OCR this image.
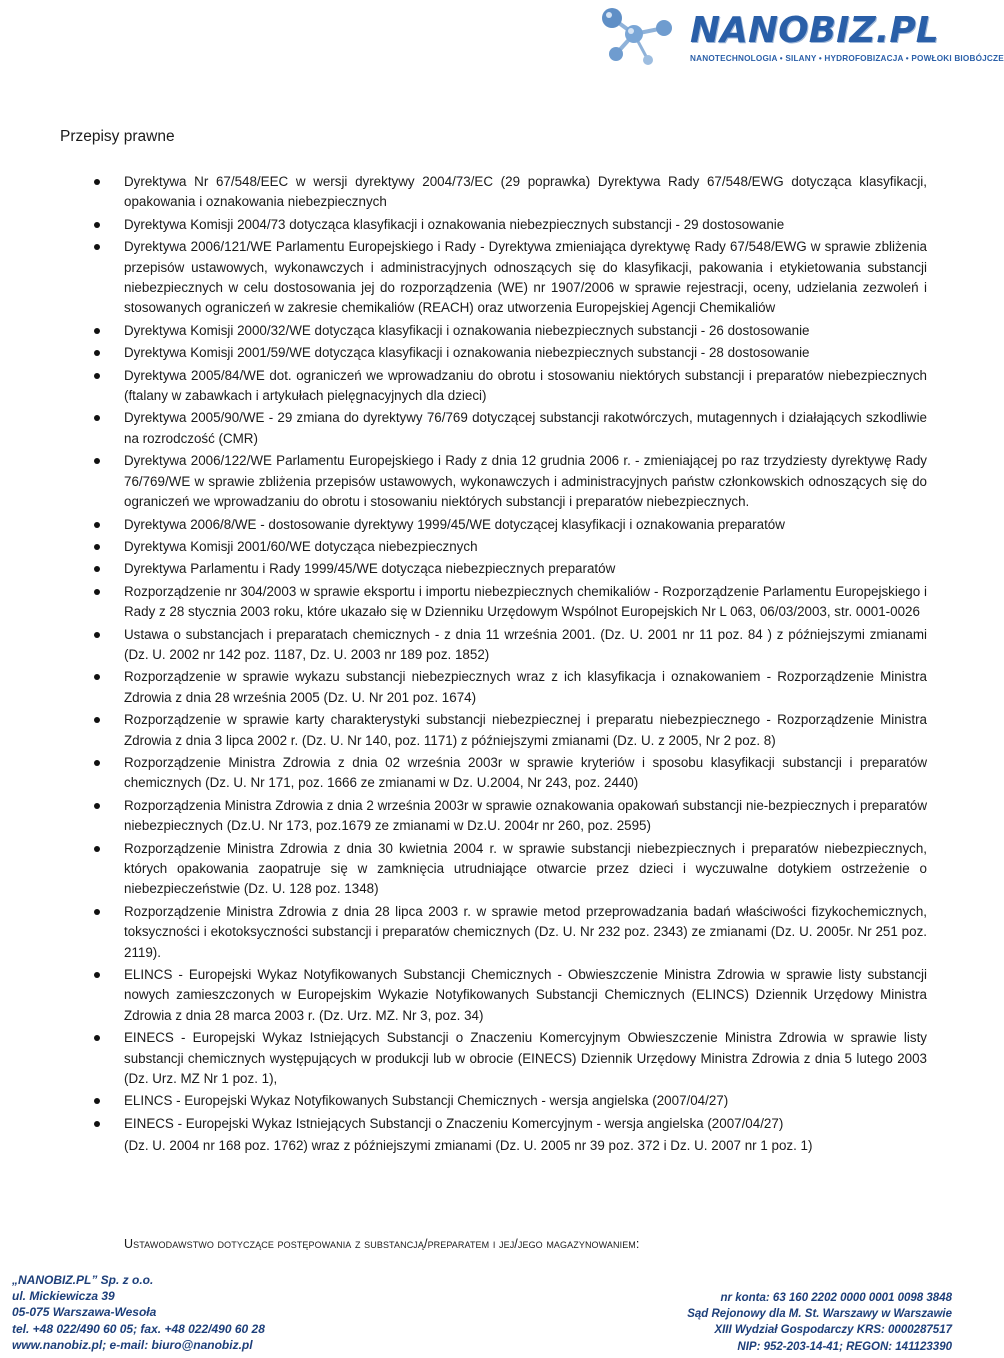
NANOBIZ.PL
NANOTECHNOLOGIA • SILANY • HYDROFOBIZACJA • POWŁOKI BIOBÓJCZE
Przepisy prawne
Dyrektywa Nr 67/548/EEC w wersji dyrektywy 2004/73/EC (29 poprawka) Dyrektywa Rady 67/548/EWG dotycząca klasyfikacji, opakowania i oznakowania niebezpiecznych
Dyrektywa Komisji 2004/73 dotycząca klasyfikacji i oznakowania niebezpiecznych substancji - 29 dostosowanie
Dyrektywa 2006/121/WE Parlamentu Europejskiego i Rady - Dyrektywa zmieniająca dyrektywę Rady 67/548/EWG w sprawie zbliżenia przepisów ustawowych, wykonawczych i administracyjnych odnoszących się do klasyfikacji, pakowania i etykietowania substancji niebezpiecznych w celu dostosowania jej do rozporządzenia (WE) nr 1907/2006 w sprawie rejestracji, oceny, udzielania zezwoleń i stosowanych ograniczeń w zakresie chemikaliów (REACH) oraz utworzenia Europejskiej Agencji Chemikaliów
Dyrektywa Komisji 2000/32/WE dotycząca klasyfikacji i oznakowania niebezpiecznych substancji - 26 dostosowanie
Dyrektywa Komisji 2001/59/WE dotycząca klasyfikacji i oznakowania niebezpiecznych substancji - 28 dostosowanie
Dyrektywa 2005/84/WE dot. ograniczeń we wprowadzaniu do obrotu i stosowaniu niektórych substancji i preparatów niebezpiecznych (ftalany w zabawkach i artykułach pielęgnacyjnych dla dzieci)
Dyrektywa 2005/90/WE - 29 zmiana do dyrektywy 76/769 dotyczącej substancji rakotwórczych, mutagennych i działających szkodliwie na rozrodczość (CMR)
Dyrektywa 2006/122/WE Parlamentu Europejskiego i Rady z dnia 12 grudnia 2006 r. - zmieniającej po raz trzydziesty dyrektywę Rady 76/769/WE w sprawie zbliżenia przepisów ustawowych, wykonawczych i administracyjnych państw członkowskich odnoszących się do ograniczeń we wprowadzaniu do obrotu i stosowaniu niektórych substancji i preparatów niebezpiecznych.
Dyrektywa 2006/8/WE - dostosowanie dyrektywy 1999/45/WE dotyczącej klasyfikacji i oznakowania preparatów
Dyrektywa Komisji 2001/60/WE dotycząca niebezpiecznych
Dyrektywa Parlamentu i Rady 1999/45/WE dotycząca niebezpiecznych preparatów
Rozporządzenie nr 304/2003 w sprawie eksportu i importu niebezpiecznych chemikaliów - Rozporządzenie Parlamentu Europejskiego i Rady z 28 stycznia 2003 roku, które ukazało się w Dzienniku Urzędowym Wspólnot Europejskich Nr L 063, 06/03/2003, str. 0001-0026
Ustawa o substancjach i preparatach chemicznych - z dnia 11 września 2001. (Dz. U. 2001 nr 11 poz. 84 ) z późniejszymi zmianami (Dz. U. 2002 nr 142 poz. 1187, Dz. U. 2003 nr 189 poz. 1852)
Rozporządzenie w sprawie wykazu substancji niebezpiecznych wraz z ich klasyfikacja i oznakowaniem - Rozporządzenie Ministra Zdrowia z dnia 28 września 2005 (Dz. U. Nr 201 poz. 1674)
Rozporządzenie w sprawie karty charakterystyki substancji niebezpiecznej i preparatu niebezpiecznego - Rozporządzenie Ministra Zdrowia z dnia 3 lipca 2002 r. (Dz. U. Nr 140, poz. 1171) z późniejszymi zmianami (Dz. U. z 2005, Nr 2 poz. 8)
Rozporządzenie Ministra Zdrowia z dnia 02 września 2003r w sprawie kryteriów i sposobu klasyfikacji substancji i preparatów chemicznych (Dz. U. Nr 171, poz. 1666 ze zmianami w Dz. U.2004, Nr 243, poz. 2440)
Rozporządzenia Ministra Zdrowia z dnia 2 września 2003r w sprawie oznakowania opakowań substancji nie-bezpiecznych i preparatów niebezpiecznych (Dz.U. Nr 173, poz.1679 ze zmianami w Dz.U. 2004r nr 260, poz. 2595)
Rozporządzenie Ministra Zdrowia z dnia 30 kwietnia 2004 r. w sprawie substancji niebezpiecznych i preparatów niebezpiecznych, których opakowania zaopatruje się w zamknięcia utrudniające otwarcie przez dzieci i wyczuwalne dotykiem ostrzeżenie o niebezpieczeństwie (Dz. U. 128 poz. 1348)
Rozporządzenie Ministra Zdrowia z dnia 28 lipca 2003 r. w sprawie metod przeprowadzania badań właściwości fizykochemicznych, toksyczności i ekotoksyczności substancji i preparatów chemicznych (Dz. U. Nr 232 poz. 2343) ze zmianami (Dz. U. 2005r. Nr 251 poz. 2119).
ELINCS - Europejski Wykaz Notyfikowanych Substancji Chemicznych - Obwieszczenie Ministra Zdrowia w sprawie listy substancji nowych zamieszczonych w Europejskim Wykazie Notyfikowanych Substancji Chemicznych (ELINCS) Dziennik Urzędowy Ministra Zdrowia z dnia 28 marca 2003 r. (Dz. Urz. MZ. Nr 3, poz. 34)
EINECS - Europejski Wykaz Istniejących Substancji o Znaczeniu Komercyjnym Obwieszczenie Ministra Zdrowia w sprawie listy substancji chemicznych występujących w produkcji lub w obrocie (EINECS) Dziennik Urzędowy Ministra Zdrowia z dnia 5 lutego 2003 (Dz. Urz. MZ Nr 1 poz. 1),
ELINCS - Europejski Wykaz Notyfikowanych Substancji Chemicznych - wersja angielska (2007/04/27)
EINECS - Europejski Wykaz Istniejących Substancji o Znaczeniu Komercyjnym - wersja angielska (2007/04/27)
(Dz. U. 2004 nr 168 poz. 1762) wraz z późniejszymi zmianami (Dz. U. 2005 nr 39 poz. 372 i Dz. U. 2007 nr 1 poz. 1)
Ustawodawstwo dotyczące postępowania z substancją/preparatem i jej/jego magazynowaniem:
„NANOBIZ.PL” Sp. z o.o.
ul. Mickiewicza 39
05-075 Warszawa-Wesoła
tel. +48 022/490 60 05; fax. +48 022/490 60 28
www.nanobiz.pl; e-mail: biuro@nanobiz.pl
nr konta: 63 160 2202 0000 0001 0098 3848
Sąd Rejonowy dla M. St. Warszawy w Warszawie
XIII Wydział Gospodarczy KRS: 0000287517
NIP: 952-203-14-41; REGON: 141123390
